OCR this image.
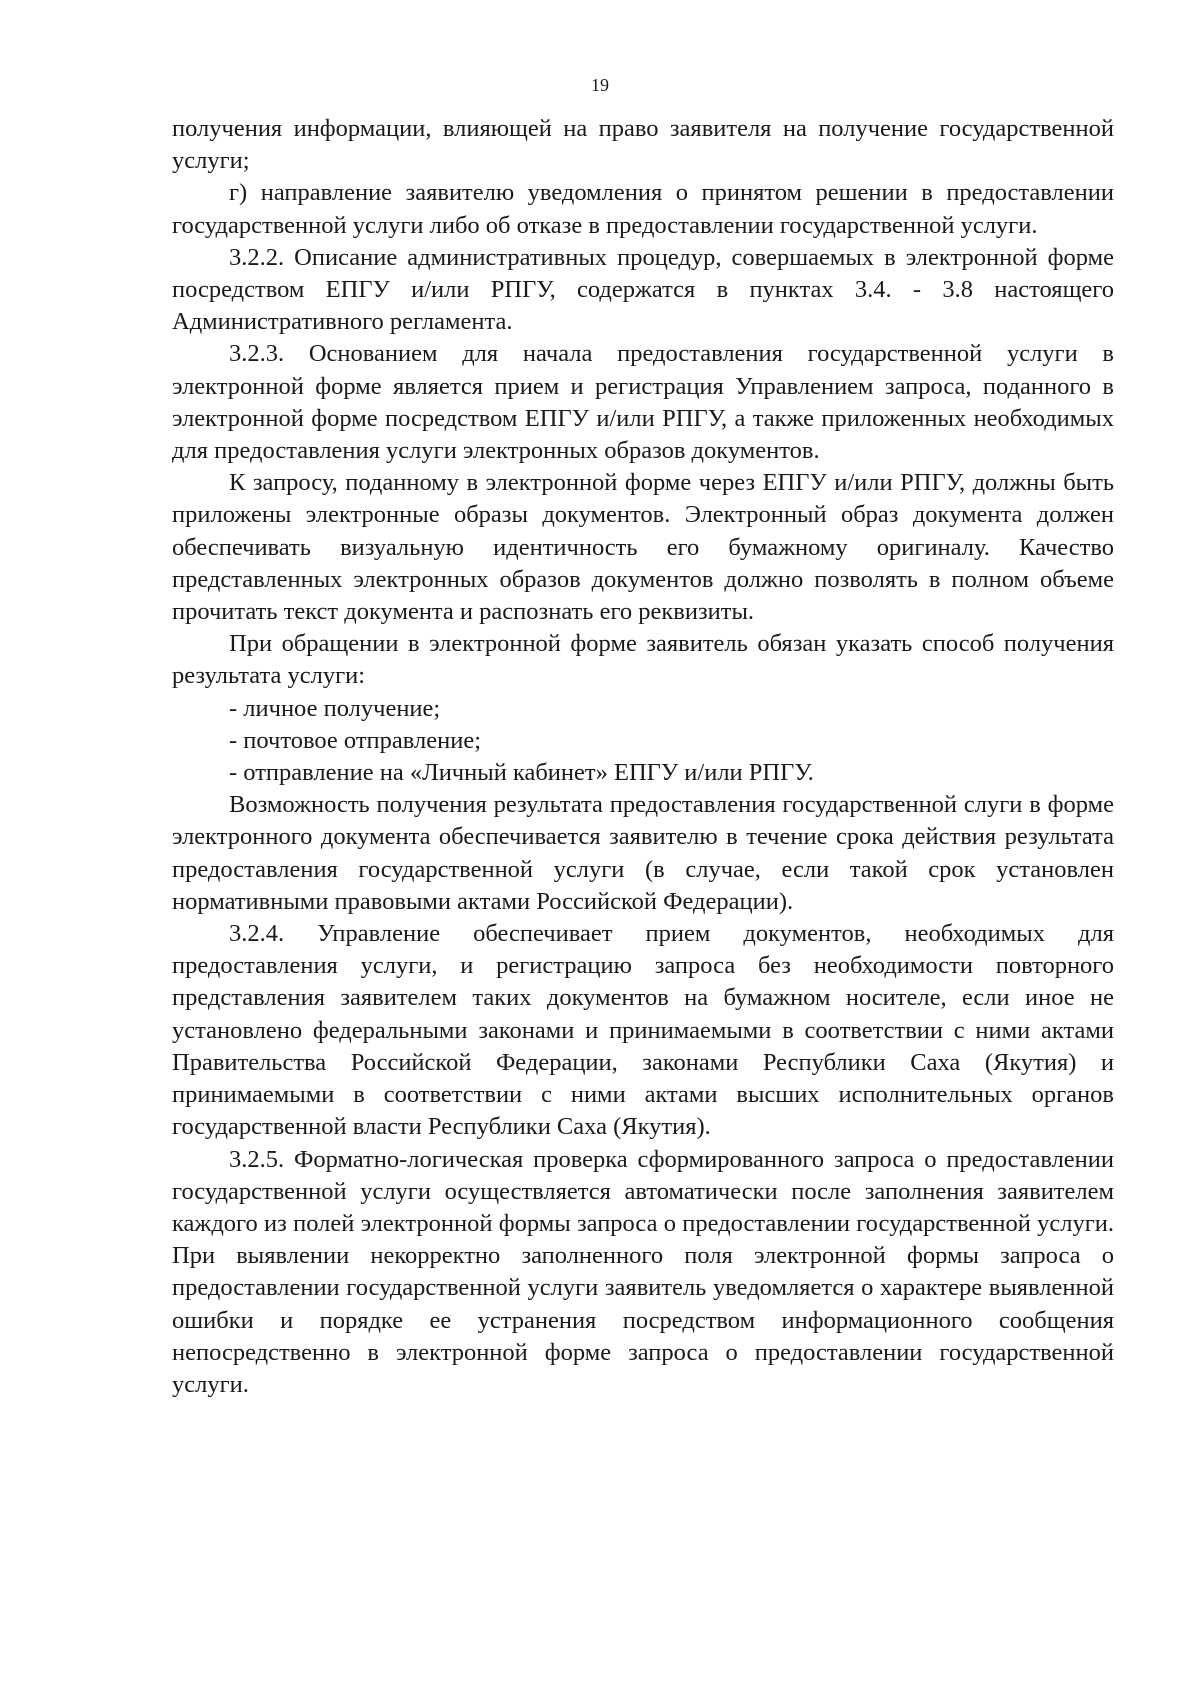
19

получения информации, влияющей на право заявителя на получение государственной услуги;

г) направление заявителю уведомления о принятом решении в предоставлении государственной услуги либо об отказе в предоставлении государственной услуги.

3.2.2. Описание административных процедур, совершаемых в электронной форме посредством ЕПГУ и/или РПГУ, содержатся в пунктах 3.4. - 3.8 настоящего Административного регламента.

3.2.3. Основанием для начала предоставления государственной услуги в электронной форме является прием и регистрация Управлением запроса, поданного в электронной форме посредством ЕПГУ и/или РПГУ, а также приложенных необходимых для предоставления услуги электронных образов документов.

К запросу, поданному в электронной форме через ЕПГУ и/или РПГУ, должны быть приложены электронные образы документов. Электронный образ документа должен обеспечивать визуальную идентичность его бумажному оригиналу. Качество представленных электронных образов документов должно позволять в полном объеме прочитать текст документа и распознать его реквизиты.

При обращении в электронной форме заявитель обязан указать способ получения результата услуги:

- личное получение;

- почтовое отправление;

- отправление на «Личный кабинет» ЕПГУ и/или РПГУ.

Возможность получения результата предоставления государственной слуги в форме электронного документа обеспечивается заявителю в течение срока действия результата предоставления государственной услуги (в случае, если такой срок установлен нормативными правовыми актами Российской Федерации).

3.2.4. Управление обеспечивает прием документов, необходимых для предоставления услуги, и регистрацию запроса без необходимости повторного представления заявителем таких документов на бумажном носителе, если иное не установлено федеральными законами и принимаемыми в соответствии с ними актами Правительства Российской Федерации, законами Республики Саха (Якутия) и принимаемыми в соответствии с ними актами высших исполнительных органов государственной власти Республики Саха (Якутия).

3.2.5. Форматно-логическая проверка сформированного запроса о предоставлении государственной услуги осуществляется автоматически после заполнения заявителем каждого из полей электронной формы запроса о предоставлении государственной услуги. При выявлении некорректно заполненного поля электронной формы запроса о предоставлении государственной услуги заявитель уведомляется о характере выявленной ошибки и порядке ее устранения посредством информационного сообщения непосредственно в электронной форме запроса о предоставлении государственной услуги.
